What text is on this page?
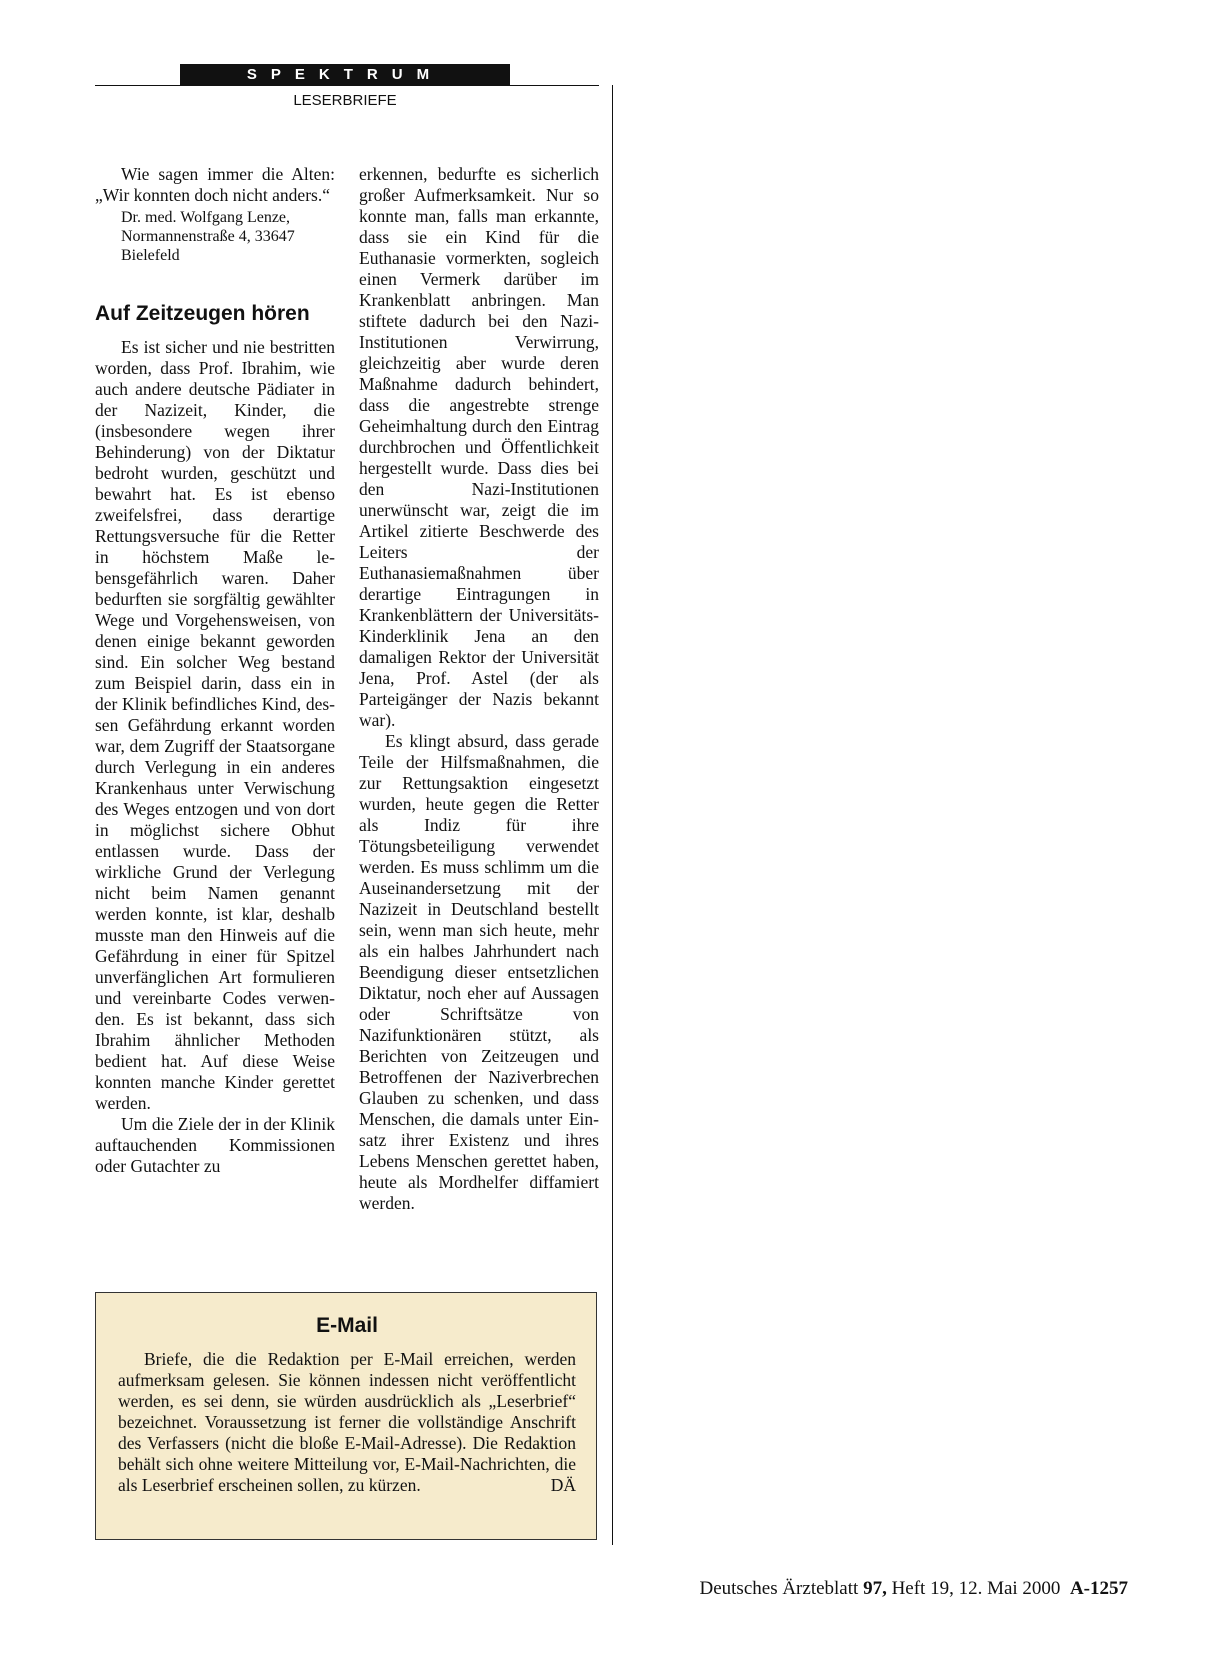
SPEKTRUM
LESERBRIEFE

Wie sagen immer die Alten: „Wir konnten doch nicht anders.“

Dr. med. Wolfgang Lenze, Normannenstraße 4, 33647 Bielefeld
Auf Zeitzeugen hören

Es ist sicher und nie bestritten worden, dass Prof. Ibrahim, wie auch andere deutsche Pädiater in der Nazizeit, Kinder, die (insbesondere wegen ihrer Behinderung) von der Diktatur bedroht wurden, geschützt und bewahrt hat. Es ist ebenso zweifelsfrei, dass derartige Rettungsversuche für die Retter in höchstem Maße lebensgefährlich waren. Daher bedurften sie sorgfältig gewählter Wege und Vorgehensweisen, von denen einige bekannt geworden sind. Ein solcher Weg bestand zum Beispiel darin, dass ein in der Klinik befindliches Kind, dessen Gefährdung erkannt worden war, dem Zugriff der Staatsorgane durch Verlegung in ein anderes Krankenhaus unter Verwischung des Weges entzogen und von dort in möglichst sichere Obhut entlassen wurde. Dass der wirkliche Grund der Verlegung nicht beim Namen genannt werden konnte, ist klar, deshalb musste man den Hinweis auf die Gefährdung in einer für Spitzel unverfänglichen Art formulieren und vereinbarte Codes verwenden. Es ist bekannt, dass sich Ibrahim ähnlicher Methoden bedient hat. Auf diese Weise konnten manche Kinder gerettet werden.

Um die Ziele der in der Klinik auftauchenden Kommissionen oder Gutachter zu

erkennen, bedurfte es sicherlich großer Aufmerksamkeit. Nur so konnte man, falls man erkannte, dass sie ein Kind für die Euthanasie vormerkten, sogleich einen Vermerk darüber im Krankenblatt anbringen. Man stiftete dadurch bei den Nazi-Institutionen Verwirrung, gleichzeitig aber wurde deren Maßnahme dadurch behindert, dass die angestrebte strenge Geheimhaltung durch den Eintrag durchbrochen und Öffentlichkeit hergestellt wurde. Dass dies bei den Nazi-Institutionen unerwünscht war, zeigt die im Artikel zitierte Beschwerde des Leiters der Euthanasiemaßnahmen über derartige Eintragungen in Krankenblättern der Universitäts-Kinderklinik Jena an den damaligen Rektor der Universität Jena, Prof. Astel (der als Parteigänger der Nazis bekannt war).

Es klingt absurd, dass gerade Teile der Hilfsmaßnahmen, die zur Rettungsaktion eingesetzt wurden, heute gegen die Retter als Indiz für ihre Tötungsbeteiligung verwendet werden. Es muss schlimm um die Auseinandersetzung mit der Nazizeit in Deutschland bestellt sein, wenn man sich heute, mehr als ein halbes Jahrhundert nach Beendigung dieser entsetzlichen Diktatur, noch eher auf Aussagen oder Schriftsätze von Nazifunktionären stützt, als Berichten von Zeitzeugen und Betroffenen der Naziverbrechen Glauben zu schenken, und dass Menschen, die damals unter Einsatz ihrer Existenz und ihres Lebens Menschen gerettet haben, heute als Mordhelfer diffamiert werden.

E-Mail

Briefe, die die Redaktion per E-Mail erreichen, werden aufmerksam gelesen. Sie können indessen nicht veröffentlicht werden, es sei denn, sie würden ausdrücklich als „Leserbrief“ bezeichnet. Voraussetzung ist ferner die vollständige Anschrift des Verfassers (nicht die bloße E-Mail-Adresse). Die Redaktion behält sich ohne weitere Mitteilung vor, E-Mail-Nachrichten, die als Leserbrief erscheinen sollen, zu kürzen.	DÄ

Deutsches Ärzteblatt 97, Heft 19, 12. Mai 2000 A-1257
